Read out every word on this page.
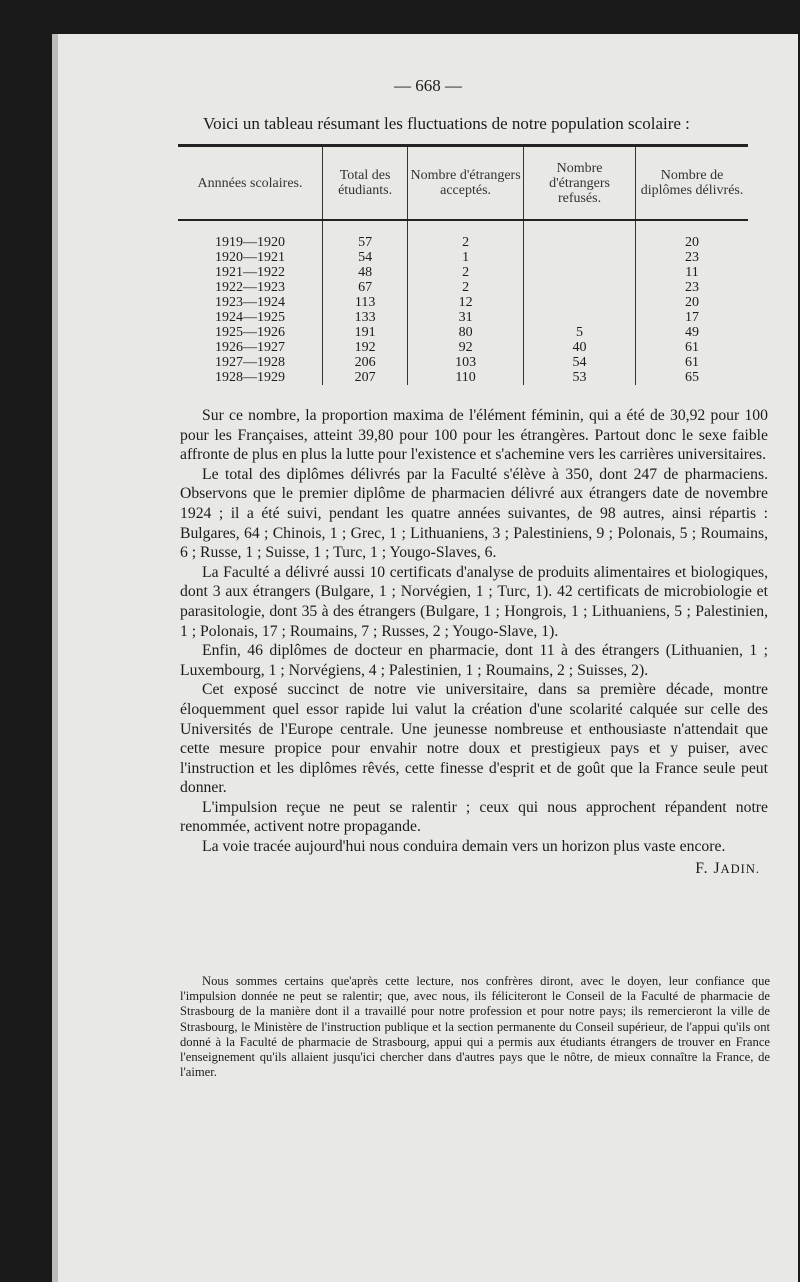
— 668 —
Voici un tableau résumant les fluctuations de notre population scolaire :
Annnées scolaires.	Total des étudiants.	Nombre d'étrangers acceptés.	Nombre d'étrangers refusés.	Nombre de diplômes délivrés.
1919—1920	57	2		20
1920—1921	54	1		23
1921—1922	48	2		11
1922—1923	67	2		23
1923—1924	113	12		20
1924—1925	133	31		17
1925—1926	191	80	5	49
1926—1927	192	92	40	61
1927—1928	206	103	54	61
1928—1929	207	110	53	65

Sur ce nombre, la proportion maxima de l'élément féminin, qui a été de 30,92 pour 100 pour les Françaises, atteint 39,80 pour 100 pour les étrangères. Partout donc le sexe faible affronte de plus en plus la lutte pour l'existence et s'achemine vers les carrières universitaires.

Le total des diplômes délivrés par la Faculté s'élève à 350, dont 247 de pharmaciens. Observons que le premier diplôme de pharmacien délivré aux étrangers date de novembre 1924 ; il a été suivi, pendant les quatre années suivantes, de 98 autres, ainsi répartis : Bulgares, 64 ; Chinois, 1 ; Grec, 1 ; Lithuaniens, 3 ; Palestiniens, 9 ; Polonais, 5 ; Roumains, 6 ; Russe, 1 ; Suisse, 1 ; Turc, 1 ; Yougo-Slaves, 6.

La Faculté a délivré aussi 10 certificats d'analyse de produits alimentaires et biologiques, dont 3 aux étrangers (Bulgare, 1 ; Norvégien, 1 ; Turc, 1). 42 certificats de microbiologie et parasitologie, dont 35 à des étrangers (Bulgare, 1 ; Hongrois, 1 ; Lithuaniens, 5 ; Palestinien, 1 ; Polonais, 17 ; Roumains, 7 ; Russes, 2 ; Yougo-Slave, 1).

Enfin, 46 diplômes de docteur en pharmacie, dont 11 à des étrangers (Lithuanien, 1 ; Luxembourg, 1 ; Norvégiens, 4 ; Palestinien, 1 ; Roumains, 2 ; Suisses, 2).

Cet exposé succinct de notre vie universitaire, dans sa première décade, montre éloquemment quel essor rapide lui valut la création d'une scolarité calquée sur celle des Universités de l'Europe centrale. Une jeunesse nombreuse et enthousiaste n'attendait que cette mesure propice pour envahir notre doux et prestigieux pays et y puiser, avec l'instruction et les diplômes rêvés, cette finesse d'esprit et de goût que la France seule peut donner.

L'impulsion reçue ne peut se ralentir ; ceux qui nous approchent répandent notre renommée, activent notre propagande.

La voie tracée aujourd'hui nous conduira demain vers un horizon plus vaste encore.

F. JADIN.

Nous sommes certains que'après cette lecture, nos confrères diront, avec le doyen, leur confiance que l'impulsion donnée ne peut se ralentir; que, avec nous, ils féliciteront le Conseil de la Faculté de pharmacie de Strasbourg de la manière dont il a travaillé pour notre profession et pour notre pays; ils remercieront la ville de Strasbourg, le Ministère de l'instruction publique et la section permanente du Conseil supérieur, de l'appui qu'ils ont donné à la Faculté de pharmacie de Strasbourg, appui qui a permis aux étudiants étrangers de trouver en France l'enseignement qu'ils allaient jusqu'ici chercher dans d'autres pays que le nôtre, de mieux connaître la France, de l'aimer.
